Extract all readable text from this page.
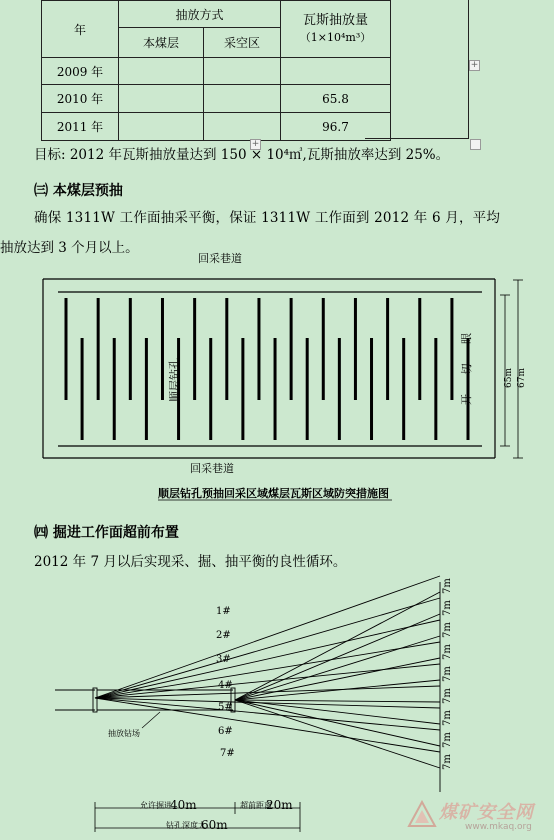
年	抽放方式		瓦斯抽放量
（1×10⁴m³）	

	本煤层	采空区		
2009 年				
2010 年			65.8	
2011 年			96.7	
+
+
目标: 2012 年瓦斯抽放量达到 150 × 10⁴㎥,瓦斯抽放率达到 25%。
㈢ 本煤层预抽
确保 1311W 工作面抽采平衡，保证 1311W 工作面到 2012 年 6 月，平均
抽放达到 3 个月以上。
回采巷道
顺层钻孔	开 切 眼	65m 67m
回采巷道
顺层钻孔预抽回采区域煤层瓦斯区域防突措施图
㈣ 掘进工作面超前布置
2012 年 7 月以后实现采、掘、抽平衡的良性循环。
1#
2#
3#
4#
5#
6#
7#
7m
7m
7m
7m
7m
7m
7m
7m
7m
抽放钻场
允许掘进
40m	超前距离
20m
钻孔深度大
60m
煤矿安全网
www.mkaq.org
